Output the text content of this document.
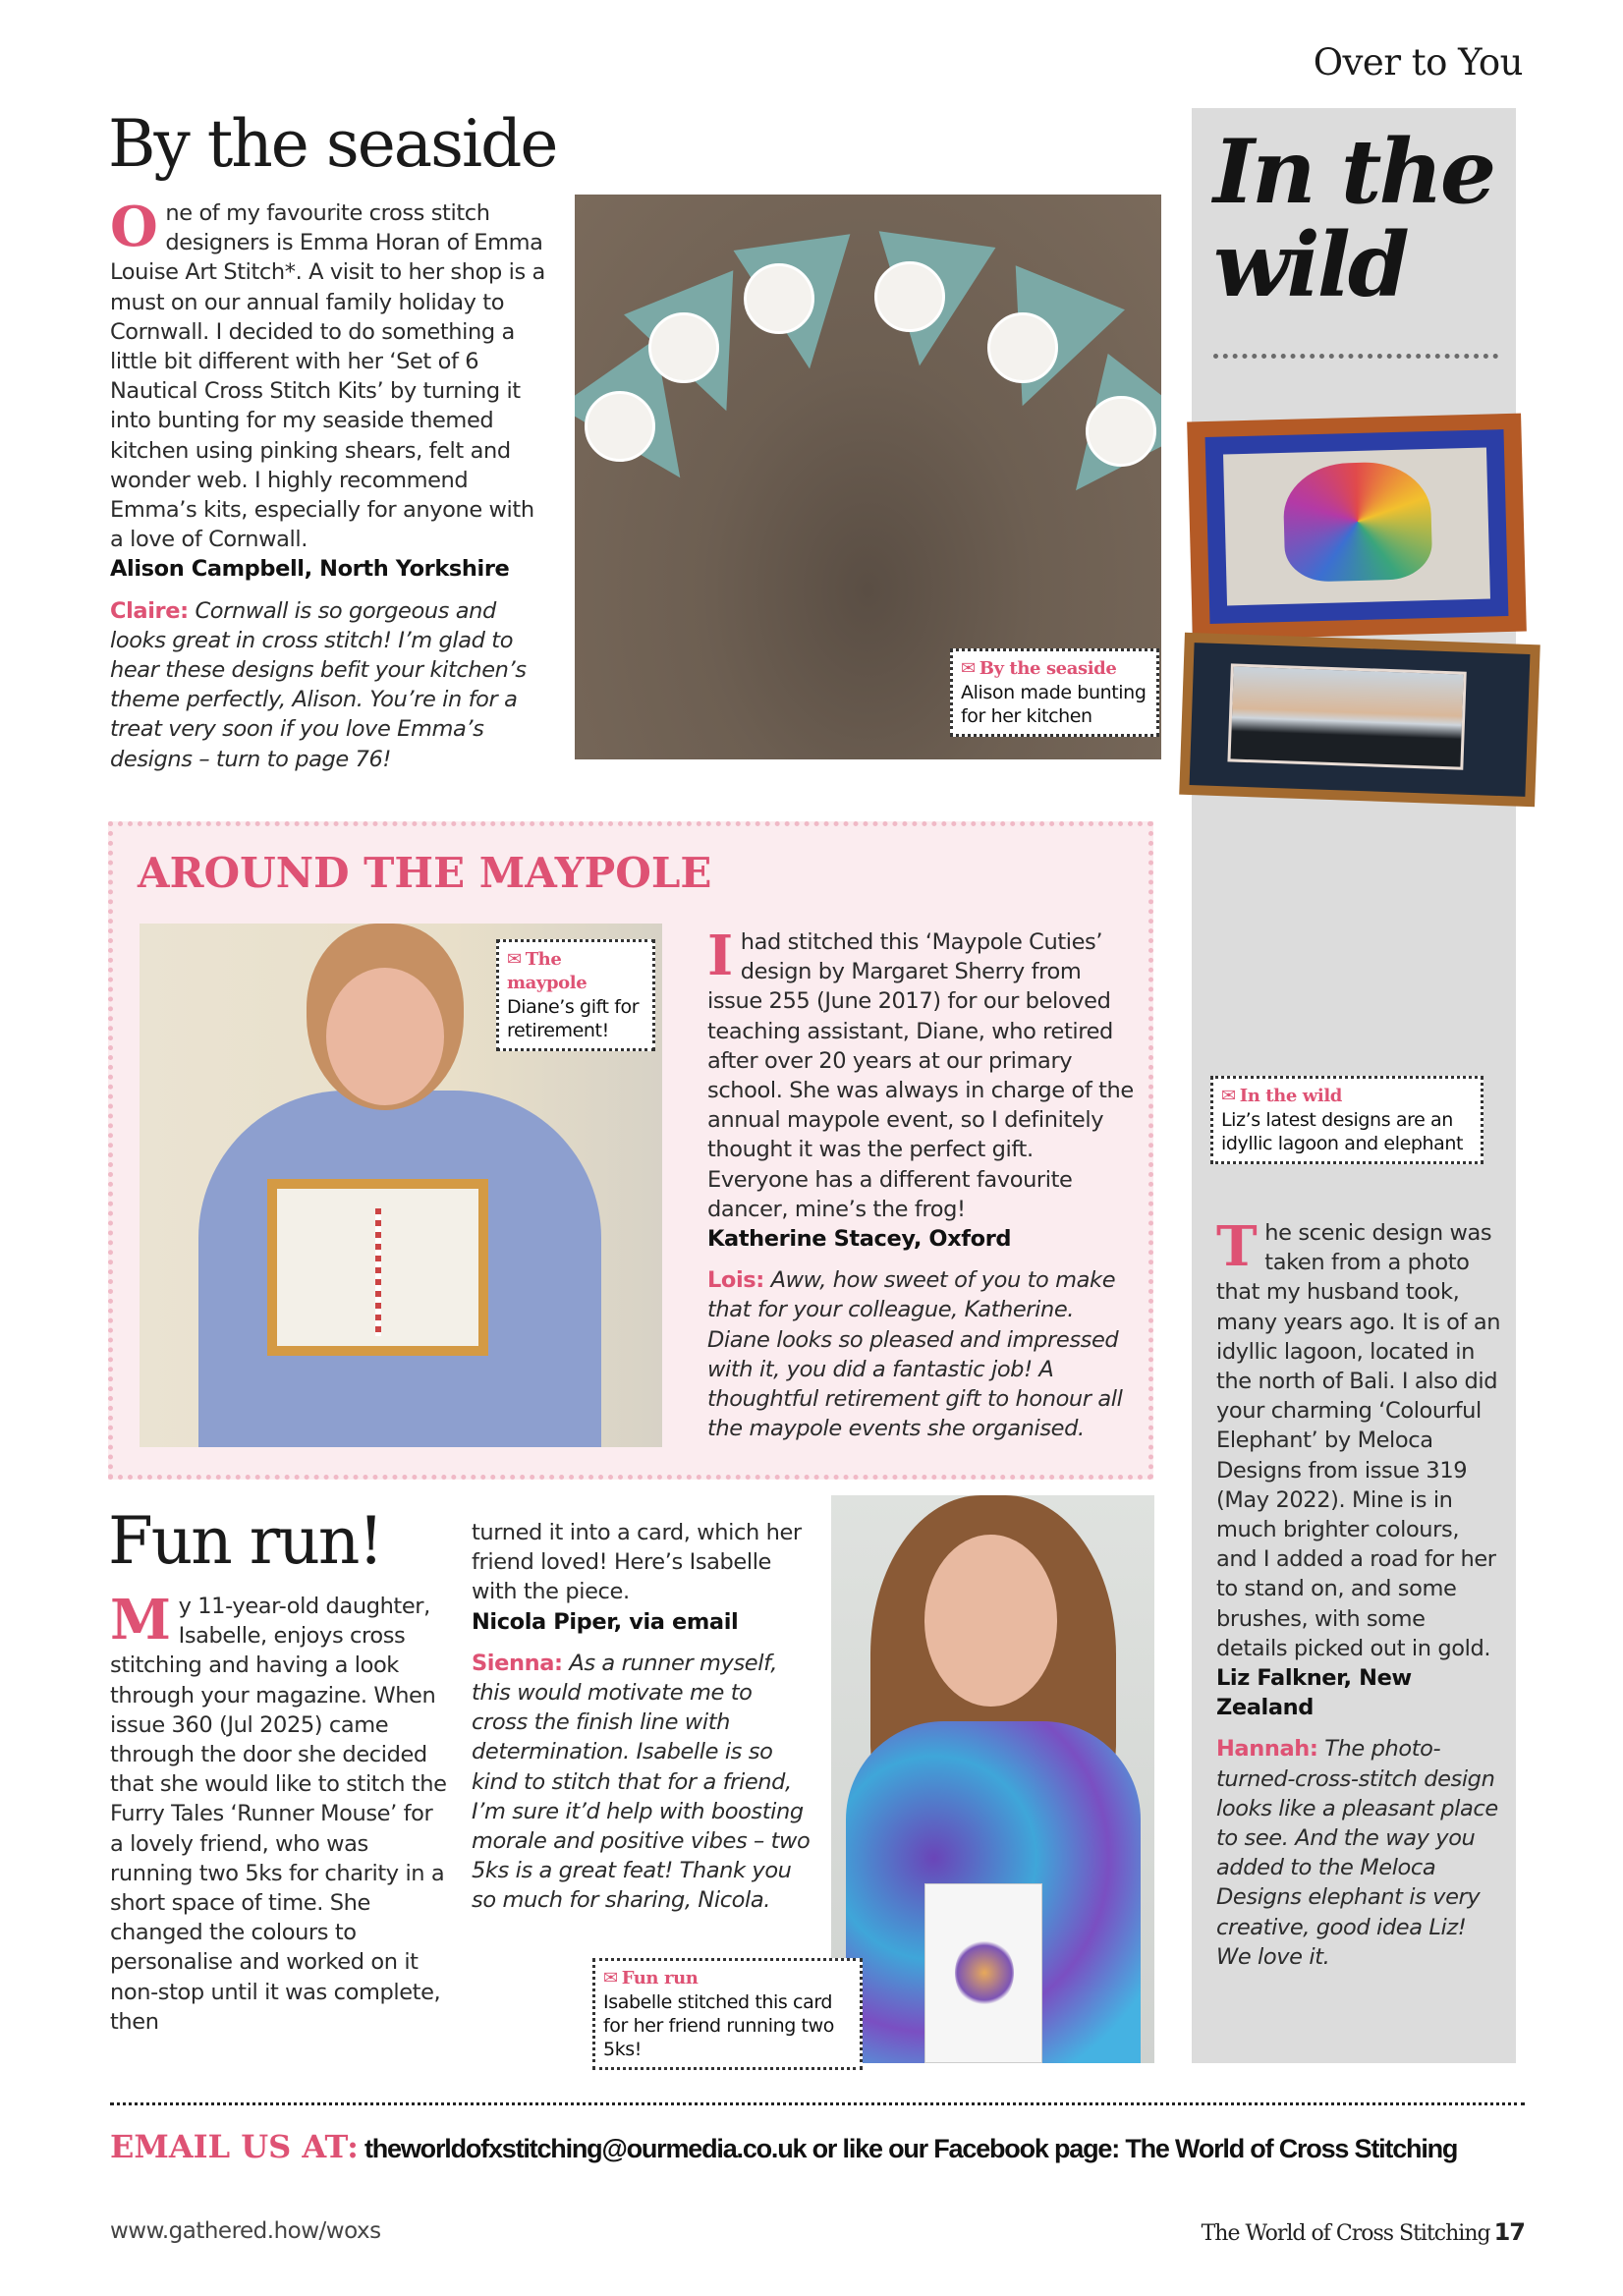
Over to You
By the seaside
One of my favourite cross stitch designers is Emma Horan of Emma Louise Art Stitch*. A visit to her shop is a must on our annual family holiday to Cornwall. I decided to do something a little bit different with her ‘Set of 6 Nautical Cross Stitch Kits’ by turning it into bunting for my seaside themed kitchen using pinking shears, felt and wonder web. I highly recommend Emma’s kits, especially for anyone with a love of Cornwall.
Alison Campbell, North Yorkshire
Claire: Cornwall is so gorgeous and looks great in cross stitch! I’m glad to hear these designs befit your kitchen’s theme perfectly, Alison. You’re in for a treat very soon if you love Emma’s designs – turn to page 76!
✉ By the seaside
Alison made bunting for her kitchen
AROUND THE MAYPOLE
✉ The maypole
Diane’s gift for retirement!
Ihad stitched this ‘Maypole Cuties’ design by Margaret Sherry from issue 255 (June 2017) for our beloved teaching assistant, Diane, who retired after over 20 years at our primary school. She was always in charge of the annual maypole event, so I definitely thought it was the perfect gift. Everyone has a different favourite dancer, mine’s the frog!
Katherine Stacey, Oxford
Lois: Aww, how sweet of you to make that for your colleague, Katherine. Diane looks so pleased and impressed with it, you did a fantastic job! A thoughtful retirement gift to honour all the maypole events she organised.
In the
wild
✉ In the wild
Liz’s latest designs are an idyllic lagoon and elephant
The scenic design was taken from a photo that my husband took, many years ago. It is of an idyllic lagoon, located in the north of Bali. I also did your charming ‘Colourful Elephant’ by Meloca Designs from issue 319 (May 2022). Mine is in much brighter colours, and I added a road for her to stand on, and some brushes, with some details picked out in gold.
Liz Falkner, New Zealand
Hannah: The photo-turned-cross-stitch design looks like a pleasant place to see. And the way you added to the Meloca Designs elephant is very creative, good idea Liz! We love it.
Fun run!
My 11-year-old daughter, Isabelle, enjoys cross stitching and having a look through your magazine. When issue 360 (Jul 2025) came through the door she decided that she would like to stitch the Furry Tales ‘Runner Mouse’ for a lovely friend, who was running two 5ks for charity in a short space of time. She changed the colours to personalise and worked on it non-stop until it was complete, then
turned it into a card, which her friend loved! Here’s Isabelle with the piece.
Nicola Piper, via email
Sienna: As a runner myself, this would motivate me to cross the finish line with determination. Isabelle is so kind to stitch that for a friend, I’m sure it’d help with boosting morale and positive vibes – two 5ks is a great feat! Thank you so much for sharing, Nicola.
✉ Fun run
Isabelle stitched this card for her friend running two 5ks!
EMAIL US AT: theworldofxstitching@ourmedia.co.uk or like our Facebook page: The World of Cross Stitching
www.gathered.how/woxs	The World of Cross Stitching 17
